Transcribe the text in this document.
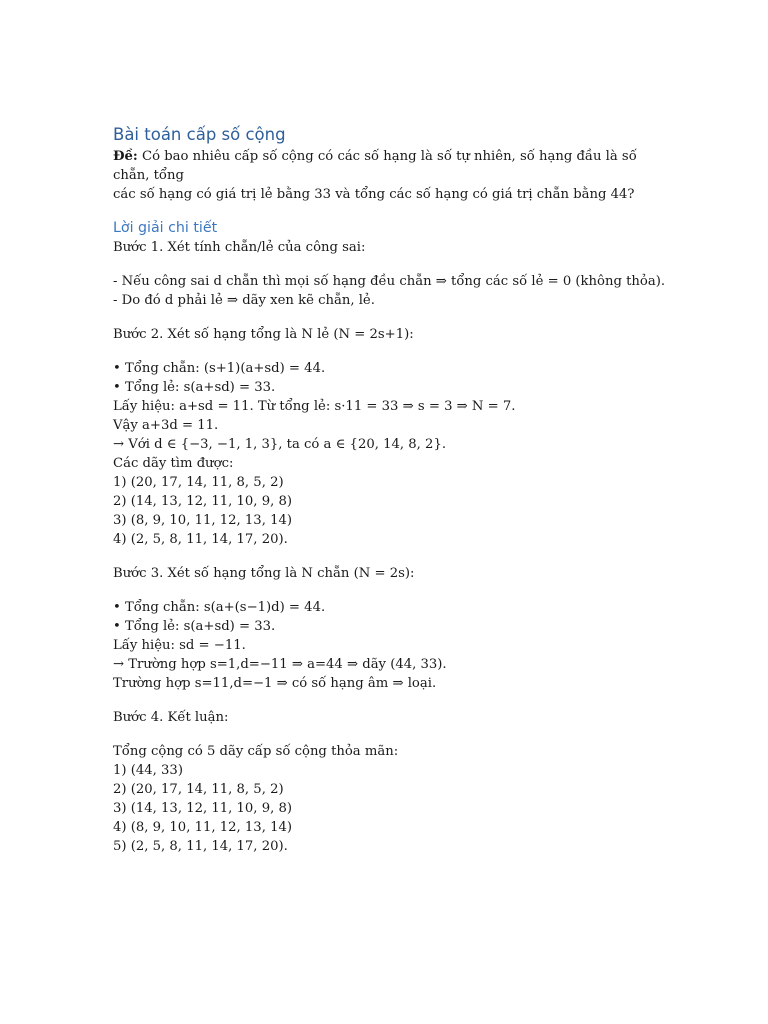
Bài toán cấp số cộng

Đề: Có bao nhiêu cấp số cộng có các số hạng là số tự nhiên, số hạng đầu là số chẵn, tổng

các số hạng có giá trị lẻ bằng 33 và tổng các số hạng có giá trị chẵn bằng 44?

Lời giải chi tiết

Bước 1. Xét tính chẵn/lẻ của công sai:

- Nếu công sai d chẵn thì mọi số hạng đều chẵn ⇒ tổng các số lẻ = 0 (không thỏa).

- Do đó d phải lẻ ⇒ dãy xen kẽ chẵn, lẻ.

Bước 2. Xét số hạng tổng là N lẻ (N = 2s+1):

• Tổng chẵn: (s+1)(a+sd) = 44.

• Tổng lẻ: s(a+sd) = 33.

Lấy hiệu: a+sd = 11. Từ tổng lẻ: s·11 = 33 ⇒ s = 3 ⇒ N = 7.

Vậy a+3d = 11.

→ Với d ∈ {−3, −1, 1, 3}, ta có a ∈ {20, 14, 8, 2}.

Các dãy tìm được:

1) (20, 17, 14, 11, 8, 5, 2)

2) (14, 13, 12, 11, 10, 9, 8)

3) (8, 9, 10, 11, 12, 13, 14)

4) (2, 5, 8, 11, 14, 17, 20).

Bước 3. Xét số hạng tổng là N chẵn (N = 2s):

• Tổng chẵn: s(a+(s−1)d) = 44.

• Tổng lẻ: s(a+sd) = 33.

Lấy hiệu: sd = −11.

→ Trường hợp s=1,d=−11 ⇒ a=44 ⇒ dãy (44, 33).

Trường hợp s=11,d=−1 ⇒ có số hạng âm ⇒ loại.

Bước 4. Kết luận:

Tổng cộng có 5 dãy cấp số cộng thỏa mãn:

1) (44, 33)

2) (20, 17, 14, 11, 8, 5, 2)

3) (14, 13, 12, 11, 10, 9, 8)

4) (8, 9, 10, 11, 12, 13, 14)

5) (2, 5, 8, 11, 14, 17, 20).
